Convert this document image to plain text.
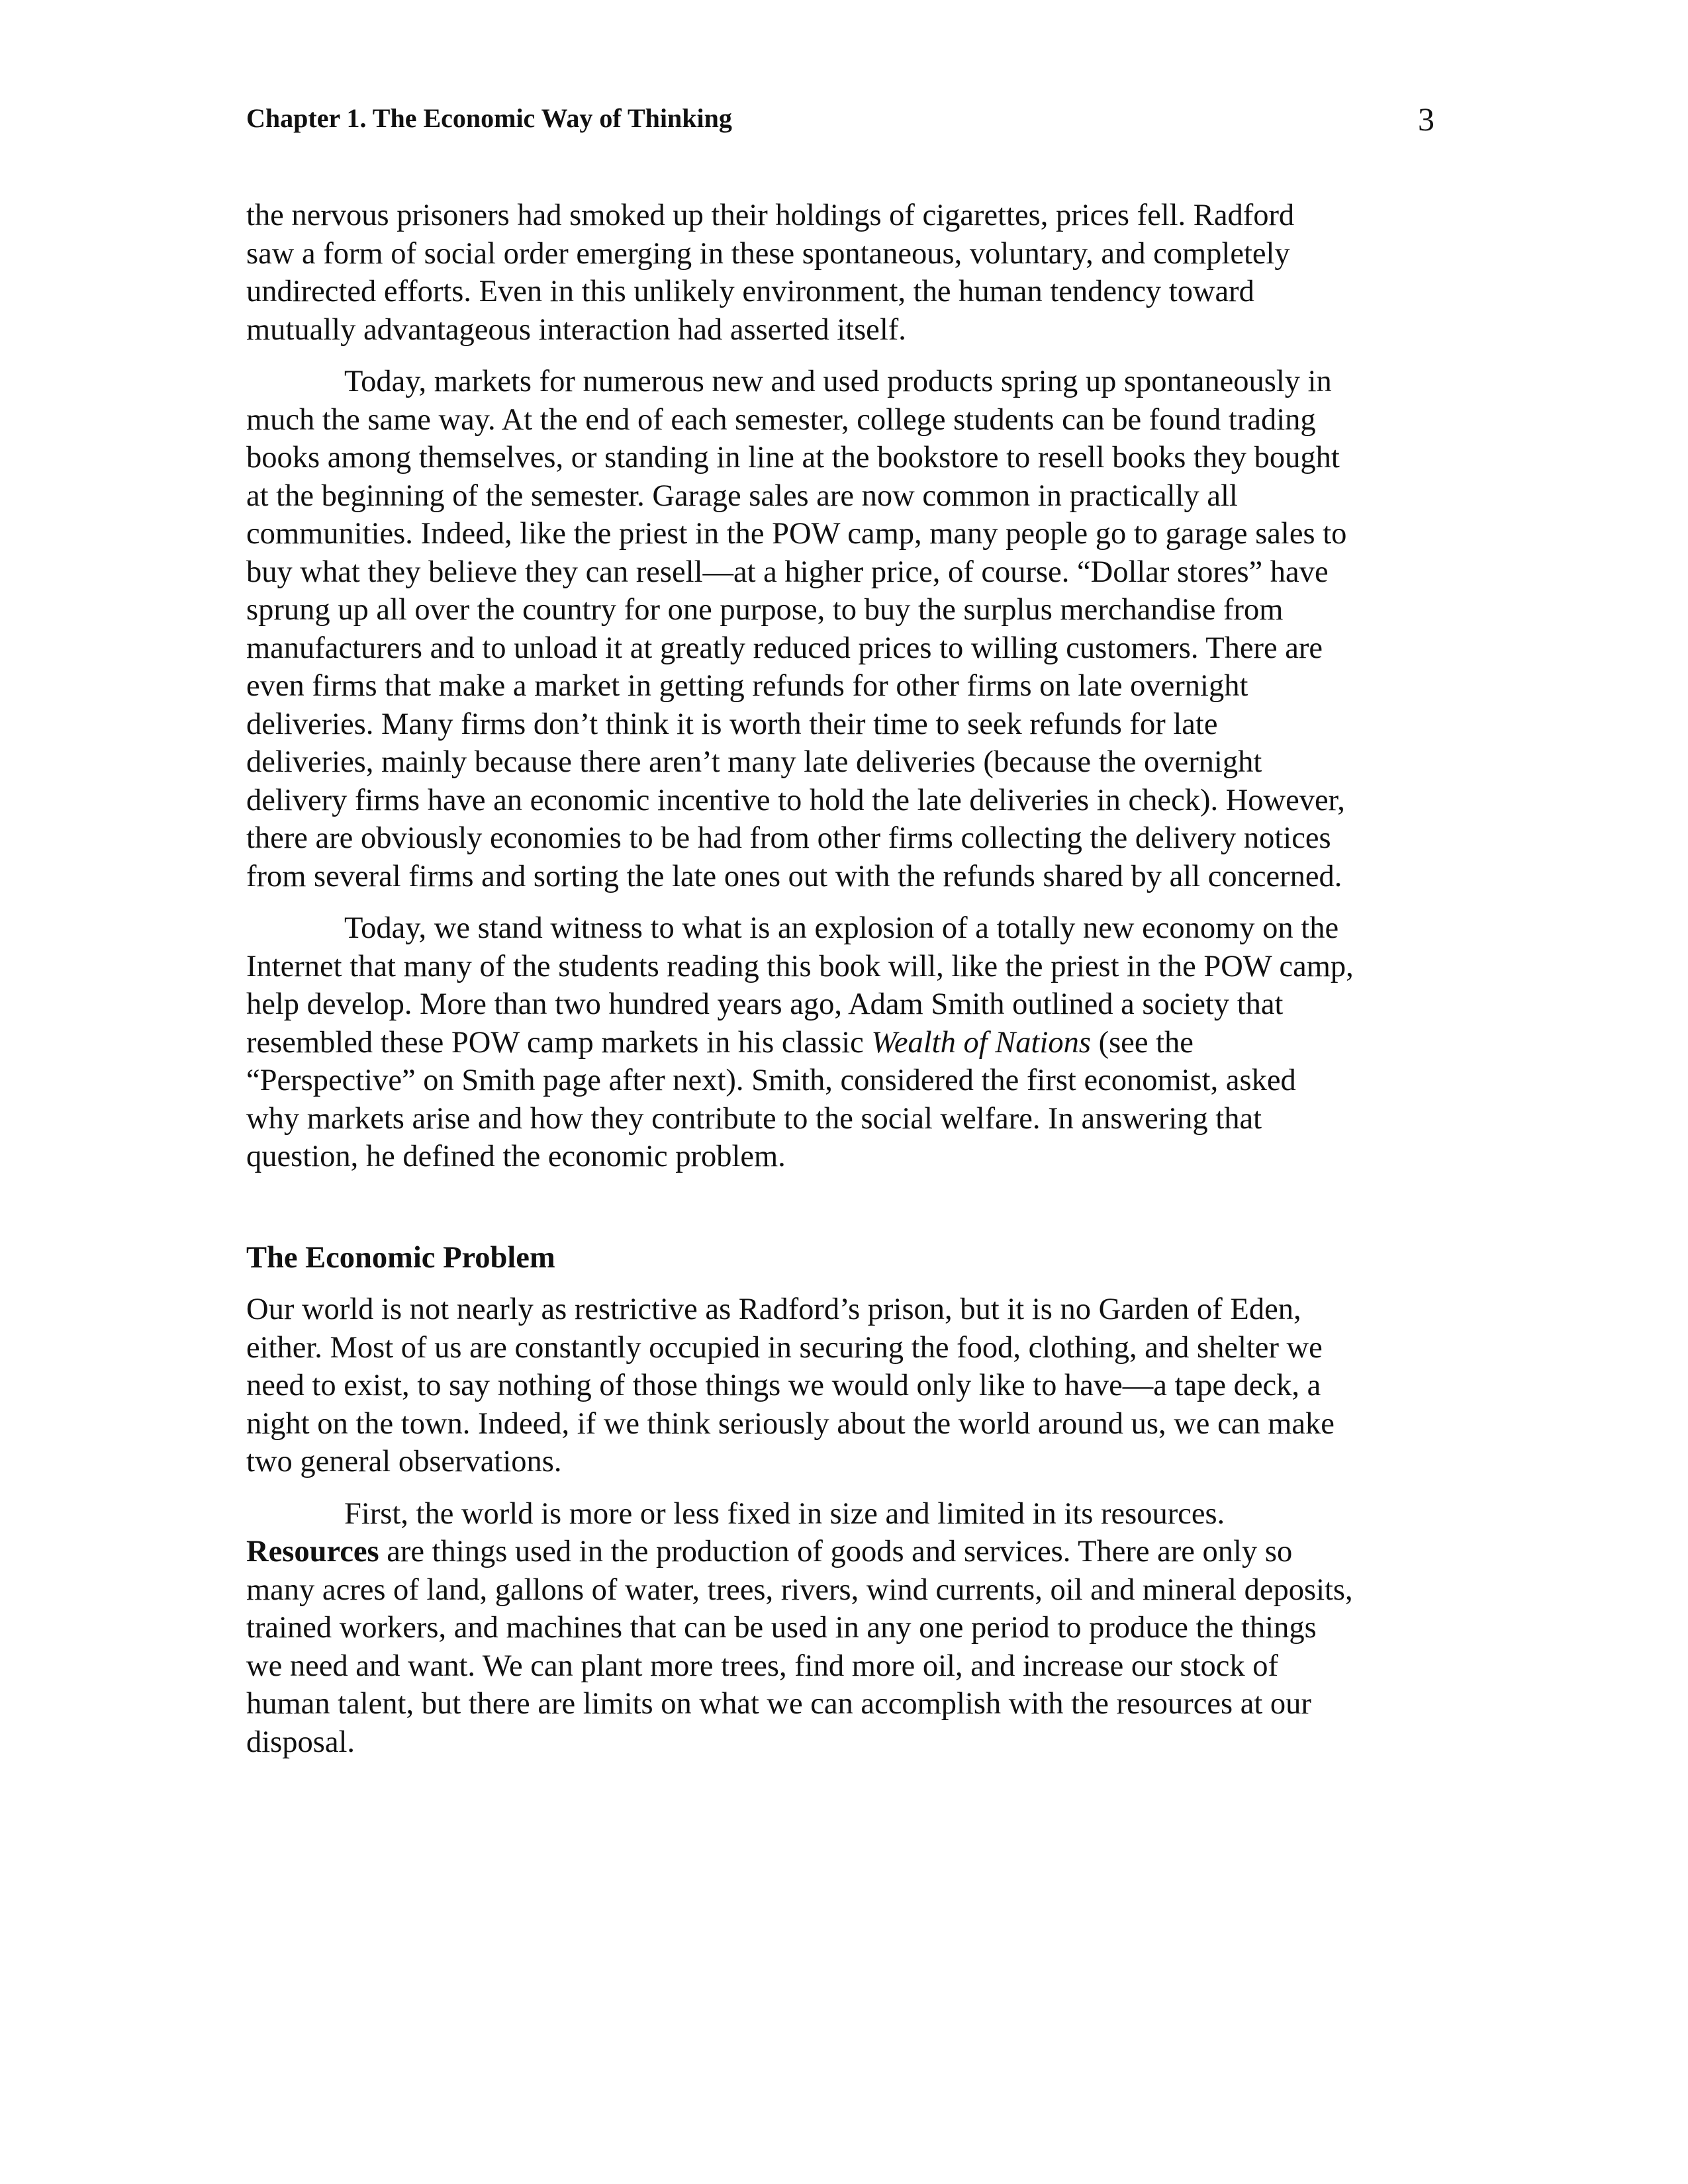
Chapter 1. The Economic Way of Thinking	3
the nervous prisoners had smoked up their holdings of cigarettes, prices fell. Radford
saw a form of social order emerging in these spontaneous, voluntary, and completely
undirected efforts. Even in this unlikely environment, the human tendency toward
mutually advantageous interaction had asserted itself.
Today, markets for numerous new and used products spring up spontaneously in
much the same way. At the end of each semester, college students can be found trading
books among themselves, or standing in line at the bookstore to resell books they bought
at the beginning of the semester. Garage sales are now common in practically all
communities. Indeed, like the priest in the POW camp, many people go to garage sales to
buy what they believe they can resell—at a higher price, of course. “Dollar stores” have
sprung up all over the country for one purpose, to buy the surplus merchandise from
manufacturers and to unload it at greatly reduced prices to willing customers. There are
even firms that make a market in getting refunds for other firms on late overnight
deliveries. Many firms don’t think it is worth their time to seek refunds for late
deliveries, mainly because there aren’t many late deliveries (because the overnight
delivery firms have an economic incentive to hold the late deliveries in check). However,
there are obviously economies to be had from other firms collecting the delivery notices
from several firms and sorting the late ones out with the refunds shared by all concerned.
Today, we stand witness to what is an explosion of a totally new economy on the
Internet that many of the students reading this book will, like the priest in the POW camp,
help develop. More than two hundred years ago, Adam Smith outlined a society that
resembled these POW camp markets in his classic Wealth of Nations (see the
“Perspective” on Smith page after next). Smith, considered the first economist, asked
why markets arise and how they contribute to the social welfare. In answering that
question, he defined the economic problem.
The Economic Problem
Our world is not nearly as restrictive as Radford’s prison, but it is no Garden of Eden,
either. Most of us are constantly occupied in securing the food, clothing, and shelter we
need to exist, to say nothing of those things we would only like to have—a tape deck, a
night on the town. Indeed, if we think seriously about the world around us, we can make
two general observations.
First, the world is more or less fixed in size and limited in its resources.
Resources are things used in the production of goods and services. There are only so
many acres of land, gallons of water, trees, rivers, wind currents, oil and mineral deposits,
trained workers, and machines that can be used in any one period to produce the things
we need and want. We can plant more trees, find more oil, and increase our stock of
human talent, but there are limits on what we can accomplish with the resources at our
disposal.
